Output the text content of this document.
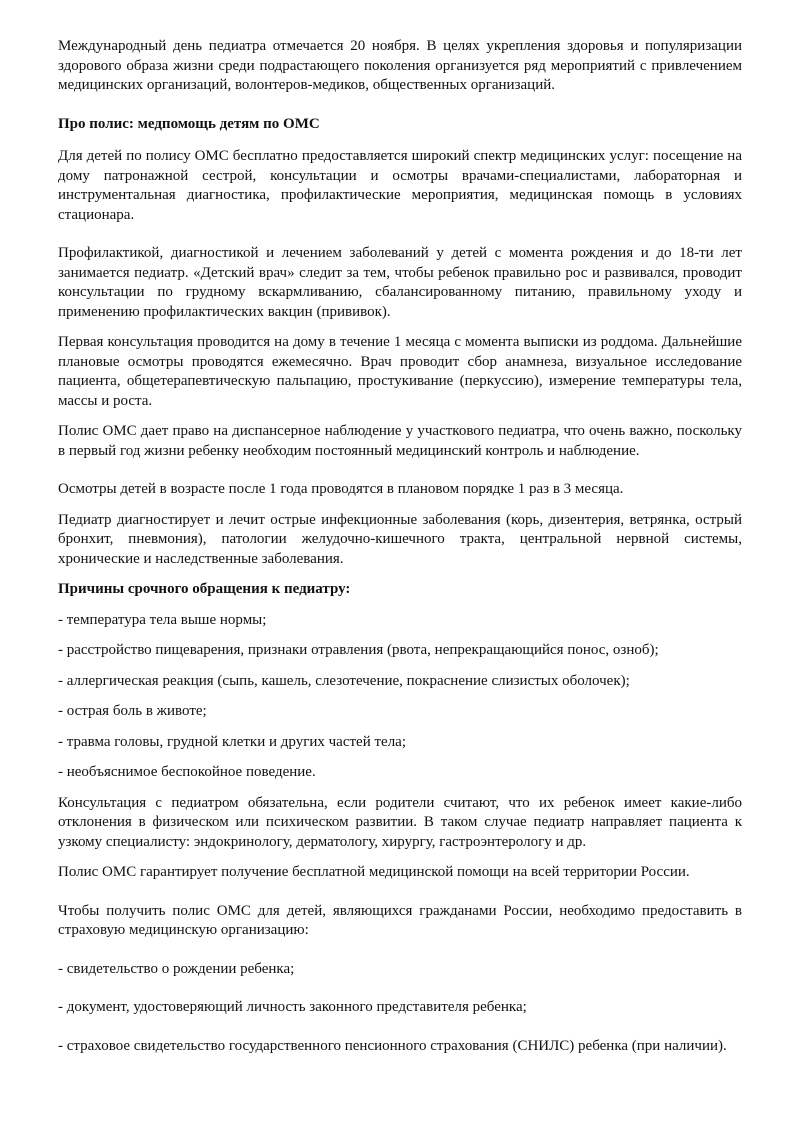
Международный день педиатра отмечается 20 ноября. В целях укрепления здоровья и популяризации здорового образа жизни среди подрастающего поколения организуется ряд мероприятий с привлечением медицинских организаций, волонтеров-медиков, общественных организаций.

Про полис: медпомощь детям по ОМС

Для детей по полису ОМС бесплатно предоставляется широкий спектр медицинских услуг: посещение на дому патронажной сестрой, консультации и осмотры врачами-специалистами, лабораторная и инструментальная диагностика, профилактические мероприятия, медицинская помощь в условиях стационара.

Профилактикой, диагностикой и лечением заболеваний у детей с момента рождения и до 18-ти лет занимается педиатр. «Детский врач» следит за тем, чтобы ребенок правильно рос и развивался, проводит консультации по грудному вскармливанию, сбалансированному питанию, правильному уходу и применению профилактических вакцин (прививок).

Первая консультация проводится на дому в течение 1 месяца с момента выписки из роддома. Дальнейшие плановые осмотры проводятся ежемесячно. Врач проводит сбор анамнеза, визуальное исследование пациента, общетерапевтическую пальпацию, простукивание (перкуссию), измерение температуры тела, массы и роста.

Полис ОМС дает право на диспансерное наблюдение у участкового педиатра, что очень важно, поскольку в первый год жизни ребенку необходим постоянный медицинский контроль и наблюдение.

Осмотры детей в возрасте после 1 года проводятся в плановом порядке 1 раз в 3 месяца.

Педиатр диагностирует и лечит острые инфекционные заболевания (корь, дизентерия, ветрянка, острый бронхит, пневмония), патологии желудочно-кишечного тракта, центральной нервной системы, хронические и наследственные заболевания.

Причины срочного обращения к педиатру:

- температура тела выше нормы;

- расстройство пищеварения, признаки отравления (рвота, непрекращающийся понос, озноб);

- аллергическая реакция (сыпь, кашель, слезотечение, покраснение слизистых оболочек);

- острая боль в животе;

- травма головы, грудной клетки и других частей тела;

- необъяснимое беспокойное поведение.

Консультация с педиатром обязательна, если родители считают, что их ребенок имеет какие-либо отклонения в физическом или психическом развитии. В таком случае педиатр направляет пациента к узкому специалисту: эндокринологу, дерматологу, хирургу, гастроэнтерологу и др.

Полис ОМС гарантирует получение бесплатной медицинской помощи на всей территории России.

Чтобы получить полис ОМС для детей, являющихся гражданами России, необходимо предоставить в страховую медицинскую организацию:

- свидетельство о рождении ребенка;

- документ, удостоверяющий личность законного представителя ребенка;

- страховое свидетельство государственного пенсионного страхования (СНИЛС) ребенка (при наличии).
